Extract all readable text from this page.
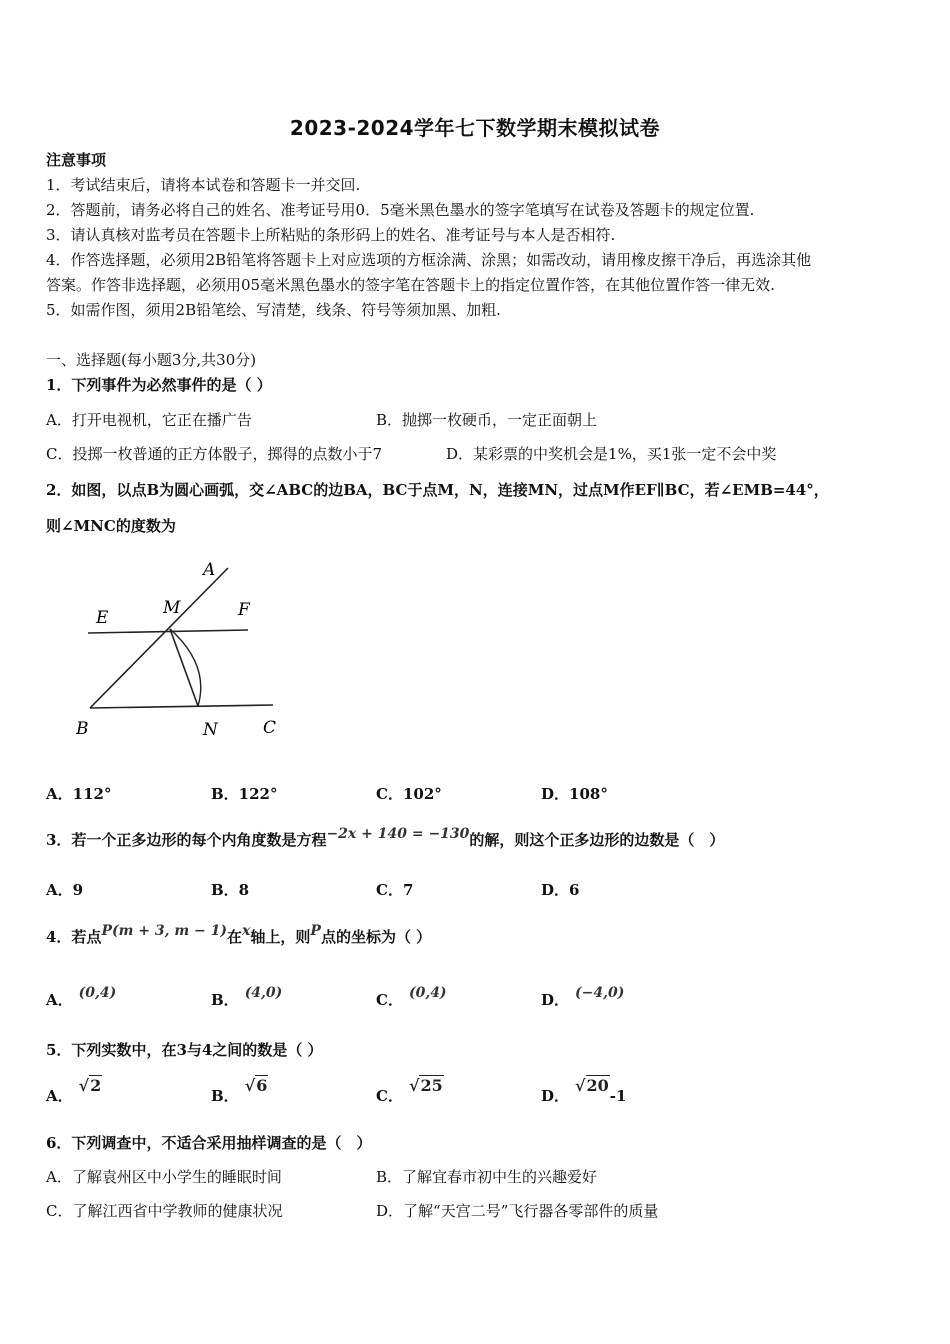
2023-2024学年七下数学期末模拟试卷
注意事项
1．考试结束后，请将本试卷和答题卡一并交回.
2．答题前，请务必将自己的姓名、准考证号用0．5毫米黑色墨水的签字笔填写在试卷及答题卡的规定位置.
3．请认真核对监考员在答题卡上所粘贴的条形码上的姓名、准考证号与本人是否相符.
4．作答选择题，必须用2B铅笔将答题卡上对应选项的方框涂满、涂黑；如需改动，请用橡皮擦干净后，再选涂其他
答案。作答非选择题，必须用05毫米黑色墨水的签字笔在答题卡上的指定位置作答，在其他位置作答一律无效.
5．如需作图，须用2B铅笔绘、写清楚，线条、符号等须加黑、加粗.
一、选择题(每小题3分,共30分)
1．下列事件为必然事件的是（ ）
A．打开电视机，它正在播广告	B．抛掷一枚硬币，一定正面朝上
C．投掷一枚普通的正方体骰子，掷得的点数小于7	D．某彩票的中奖机会是1%，买1张一定不会中奖
2．如图，以点B为圆心画弧，交∠ABC的边BA，BC于点M，N，连接MN，过点M作EF∥BC，若∠EMB=44°，
则∠MNC的度数为
A
E	M	F
B	N	C
A．112°	B．122°	C．102°	D．108°
3．若一个正多边形的每个内角度数是方程−2x + 140 = −130的解，则这个正多边形的边数是（　）
A．9	B．8	C．7	D．6
4．若点P(m + 3, m − 1)在x轴上，则P点的坐标为（ ）
A． (0,4)	B． (4,0)	C． (0,4)	D． (−4,0)
5．下列实数中，在3与4之间的数是（ ）
A．√2
B．√6
C．√25
D．√20-1
6．下列调查中，不适合采用抽样调查的是（　）
A．了解袁州区中小学生的睡眠时间	B．了解宜春市初中生的兴趣爱好
C．了解江西省中学教师的健康状况	D．了解“天宫二号”飞行器各零部件的质量
